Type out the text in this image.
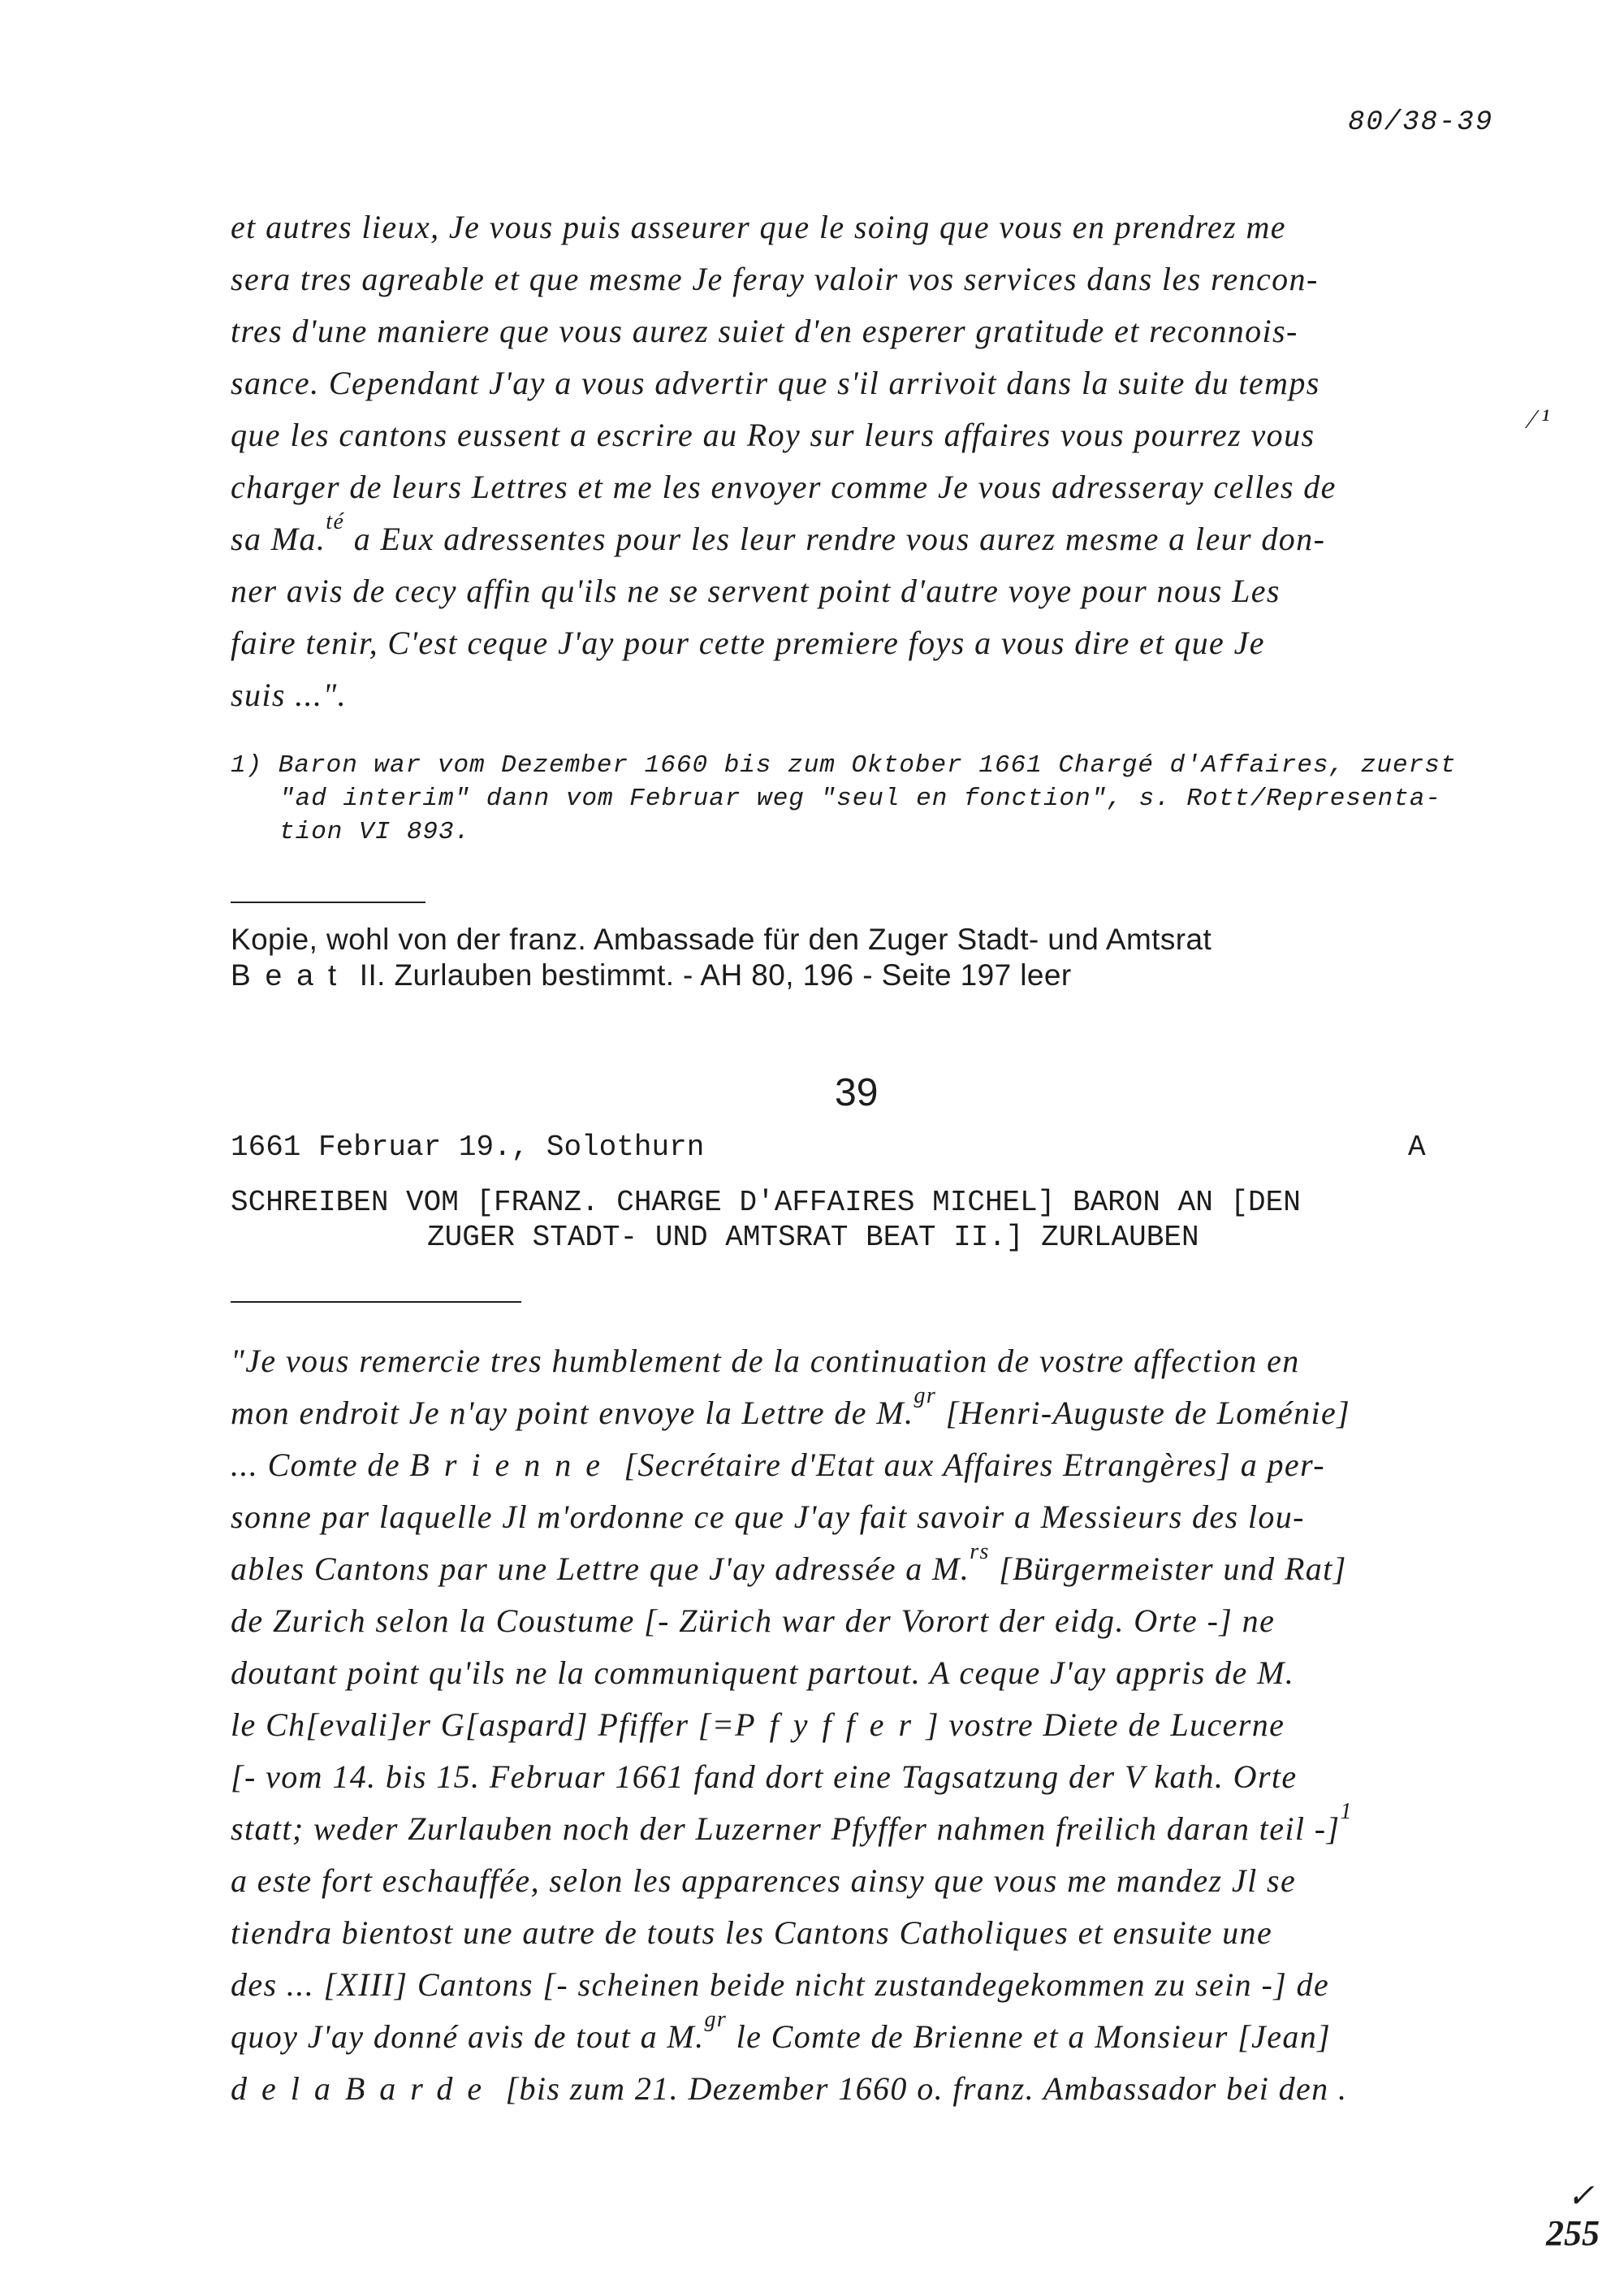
80/38-39
et autres lieux, Je vous puis asseurer que le soing que vous en prendrez me
sera tres agreable et que mesme Je feray valoir vos services dans les rencon-
tres d'une maniere que vous aurez suiet d'en esperer gratitude et reconnois-
sance. Cependant J'ay a vous advertir que s'il arrivoit dans la suite du temps
que les cantons eussent a escrire au Roy sur leurs affaires vous pourrez vous
charger de leurs Lettres et me les envoyer comme Je vous adresseray celles de
sa Ma.$^{té}$ a Eux adressentes pour les leur rendre vous aurez mesme a leur don-
ner avis de cecy affin qu'ils ne se servent point d'autre voye pour nous Les
faire tenir, C'est ceque J'ay pour cette premiere foys a vous dire et que Je
suis ...".
1) Baron war vom Dezember 1660 bis zum Oktober 1661 Chargé d'Affaires, zuerst
"ad interim" dann vom Februar weg "seul en fonction", s. Rott/Representa-
tion VI 893.
Kopie, wohl von der franz. Ambassade für den Zuger Stadt- und Amtsrat
Beat II. Zurlauben bestimmt. - AH 80, 196 - Seite 197 leer
39
1661 Februar 19., Solothurn	A
SCHREIBEN VOM [FRANZ. CHARGE D'AFFAIRES MICHEL] BARON AN [DEN
ZUGER STADT- UND AMTSRAT BEAT II.] ZURLAUBEN
"Je vous remercie tres humblement de la continuation de vostre affection en
mon endroit Je n'ay point envoye la Lettre de M.$^{gr}$ [Henri-Auguste de Loménie]
... Comte de Brienne [Secrétaire d'Etat aux Affaires Etrangères] a per-
sonne par laquelle Jl m'ordonne ce que J'ay fait savoir a Messieurs des lou-
ables Cantons par une Lettre que J'ay adressée a M.$^{rs}$ [Bürgermeister und Rat]
de Zurich selon la Coustume [- Zürich war der Vorort der eidg. Orte -] ne
doutant point qu'ils ne la communiquent partout. A ceque J'ay appris de M.
le Ch[evali]er G[aspard] Pfiffer [=Pfyffer] vostre Diete de Lucerne
[- vom 14. bis 15. Februar 1661 fand dort eine Tagsatzung der V kath. Orte
statt; weder Zurlauben noch der Luzerner Pfyffer nahmen freilich daran teil -]$^1$
a este fort eschauffée, selon les apparences ainsy que vous me mandez Jl se
tiendra bientost une autre de touts les Cantons Catholiques et ensuite une
des ... [XIII] Cantons [- scheinen beide nicht zustandegekommen zu sein -] de
quoy J'ay donné avis de tout a M.$^{gr}$ le Comte de Brienne et a Monsieur [Jean]
delaBarde [bis zum 21. Dezember 1660 o. franz. Ambassador bei den .
⁄ ¹
✓
255
